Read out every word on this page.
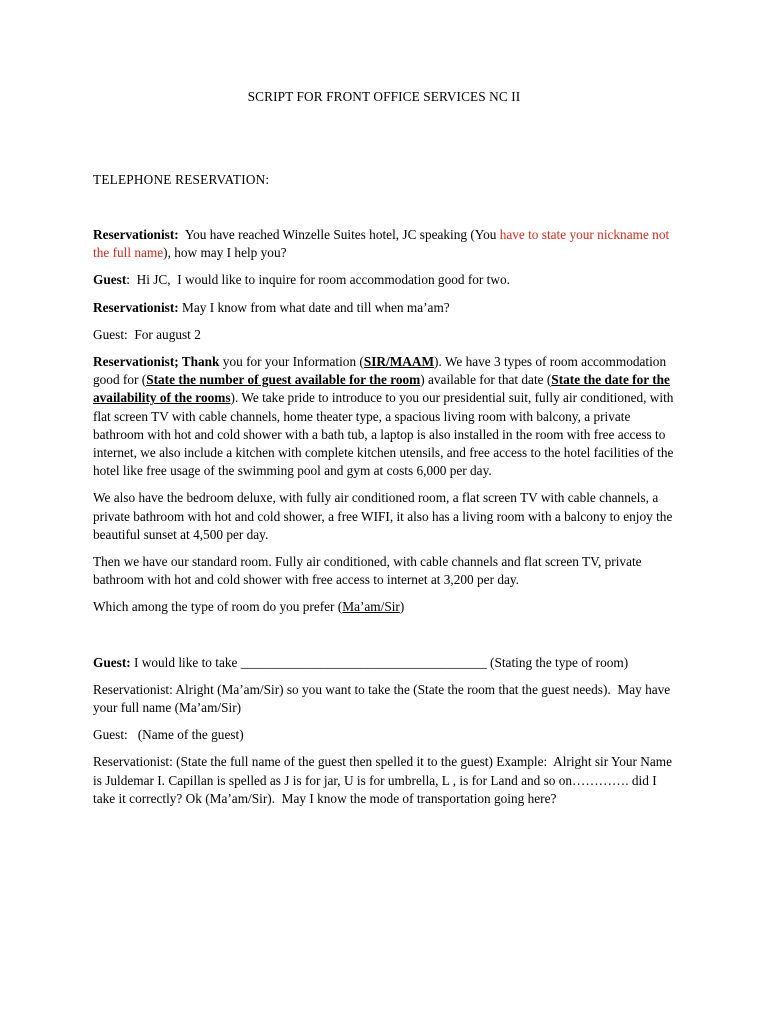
SCRIPT FOR FRONT OFFICE SERVICES NC II
TELEPHONE RESERVATION:

Reservationist:  You have reached Winzelle Suites hotel, JC speaking (You have to state your nickname not the full name), how may I help you?

Guest:  Hi JC,  I would like to inquire for room accommodation good for two.

Reservationist: May I know from what date and till when ma’am?

Guest:  For august 2

Reservationist; Thank you for your Information (SIR/MAAM). We have 3 types of room accommodation good for (State the number of guest available for the room) available for that date (State the date for the availability of the rooms). We take pride to introduce to you our presidential suit, fully air conditioned, with flat screen TV with cable channels, home theater type, a spacious living room with balcony, a private bathroom with hot and cold shower with a bath tub, a laptop is also installed in the room with free access to internet, we also include a kitchen with complete kitchen utensils, and free access to the hotel facilities of the hotel like free usage of the swimming pool and gym at costs 6,000 per day.

We also have the bedroom deluxe, with fully air conditioned room, a flat screen TV with cable channels, a private bathroom with hot and cold shower, a free WIFI, it also has a living room with a balcony to enjoy the beautiful sunset at 4,500 per day.

Then we have our standard room. Fully air conditioned, with cable channels and flat screen TV, private bathroom with hot and cold shower with free access to internet at 3,200 per day.

Which among the type of room do you prefer (Ma’am/Sir)

Guest: I would like to take _____________________________________ (Stating the type of room)

Reservationist: Alright (Ma’am/Sir) so you want to take the (State the room that the guest needs).  May have your full name (Ma’am/Sir)

Guest:   (Name of the guest)

Reservationist: (State the full name of the guest then spelled it to the guest) Example:  Alright sir Your Name is Juldemar I. Capillan is spelled as J is for jar, U is for umbrella, L , is for Land and so on…………. did I take it correctly? Ok (Ma’am/Sir).  May I know the mode of transportation going here?
